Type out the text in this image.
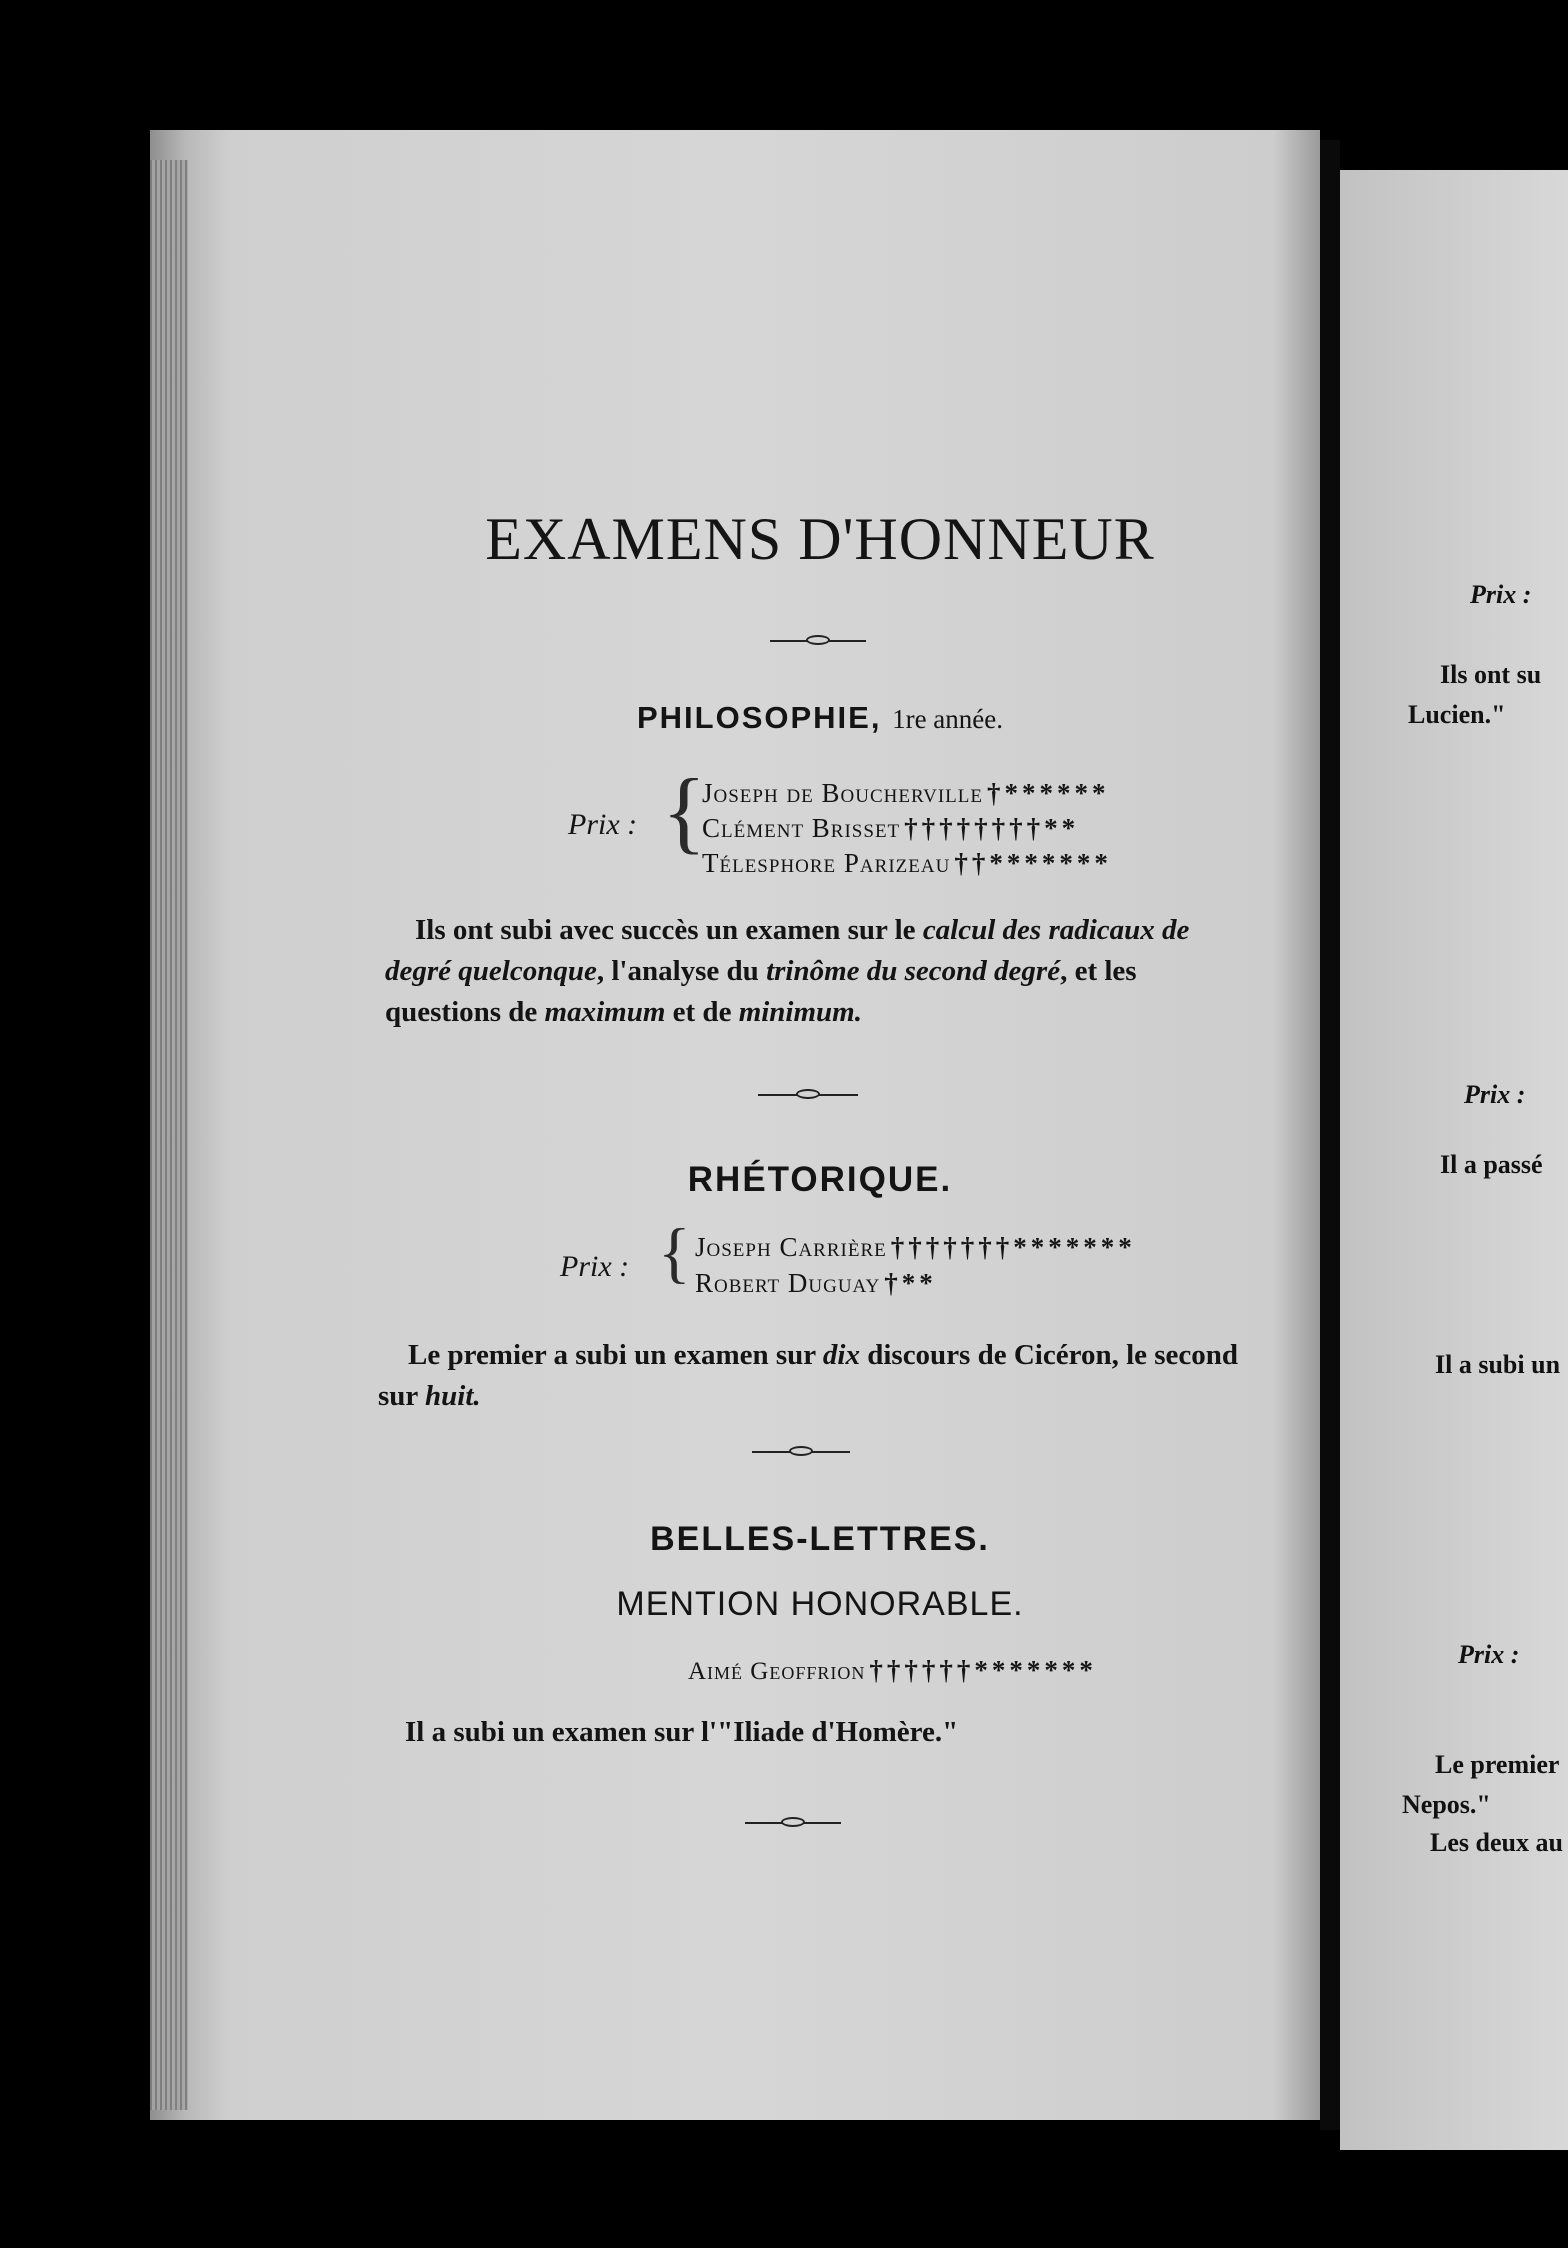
Prix :
Ils ont su
Lucien."
Prix :
Il a passé
Il a subi un
Prix :
Le premier
Nepos."
Les deux au
EXAMENS D'HONNEUR
PHILOSOPHIE, 1re année.
Prix : {
Joseph de Boucherville †******
Clément Brisset ††††††††**
Télesphore Parizeau ††*******
Ils ont subi avec succès un examen sur le calcul des radicaux de degré quelconque, l'analyse du trinôme du second degré, et les questions de maximum et de minimum.
RHÉTORIQUE.
Prix : { Joseph Carrière †††††††*******
Robert Duguay †**
Le premier a subi un examen sur dix discours de Cicéron, le second sur huit.
BELLES-LETTRES.
MENTION HONORABLE.
Aimé Geoffrion ††††††*******
Il a subi un examen sur l'"Iliade d'Homère."
